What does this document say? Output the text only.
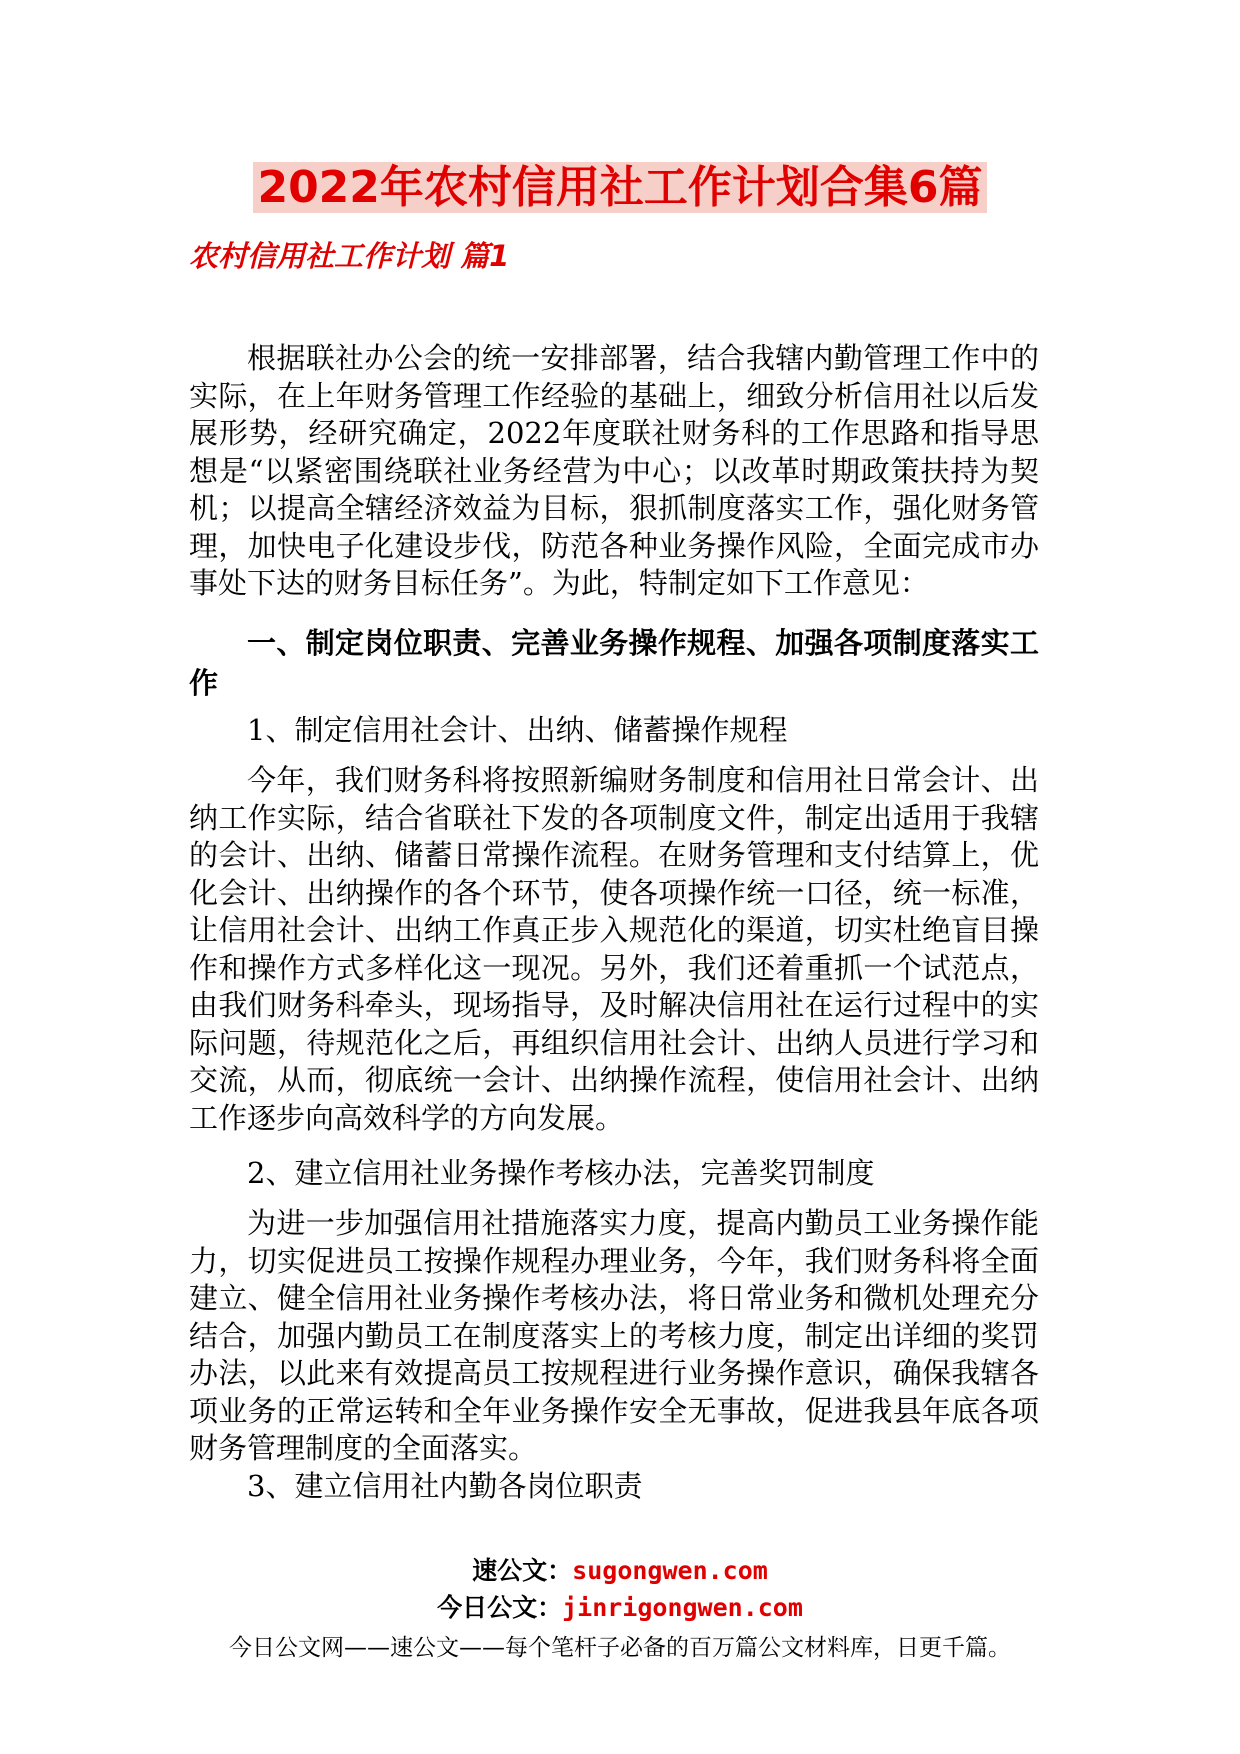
2022年农村信用社工作计划合集6篇
农村信用社工作计划 篇1

根据联社办公会的统一安排部署，结合我辖内勤管理工作中的实际，在上年财务管理工作经验的基础上，细致分析信用社以后发展形势，经研究确定，2022年度联社财务科的工作思路和指导思想是“以紧密围绕联社业务经营为中心；以改革时期政策扶持为契机；以提高全辖经济效益为目标，狠抓制度落实工作，强化财务管理，加快电子化建设步伐，防范各种业务操作风险，全面完成市办事处下达的财务目标任务”。为此，特制定如下工作意见：

一、制定岗位职责、完善业务操作规程、加强各项制度落实工作

1、制定信用社会计、出纳、储蓄操作规程

今年，我们财务科将按照新编财务制度和信用社日常会计、出纳工作实际，结合省联社下发的各项制度文件，制定出适用于我辖的会计、出纳、储蓄日常操作流程。在财务管理和支付结算上，优化会计、出纳操作的各个环节，使各项操作统一口径，统一标准，让信用社会计、出纳工作真正步入规范化的渠道，切实杜绝盲目操作和操作方式多样化这一现况。另外，我们还着重抓一个试范点，由我们财务科牵头，现场指导，及时解决信用社在运行过程中的实际问题，待规范化之后，再组织信用社会计、出纳人员进行学习和交流，从而，彻底统一会计、出纳操作流程，使信用社会计、出纳工作逐步向高效科学的方向发展。

2、建立信用社业务操作考核办法，完善奖罚制度

为进一步加强信用社措施落实力度，提高内勤员工业务操作能力，切实促进员工按操作规程办理业务，今年，我们财务科将全面建立、健全信用社业务操作考核办法，将日常业务和微机处理充分结合，加强内勤员工在制度落实上的考核力度，制定出详细的奖罚办法，以此来有效提高员工按规程进行业务操作意识，确保我辖各项业务的正常运转和全年业务操作安全无事故，促进我县年底各项财务管理制度的全面落实。

3、建立信用社内勤各岗位职责

速公文：sugongwen.com
今日公文：jinrigongwen.com
今日公文网——速公文——每个笔杆子必备的百万篇公文材料库，日更千篇。
